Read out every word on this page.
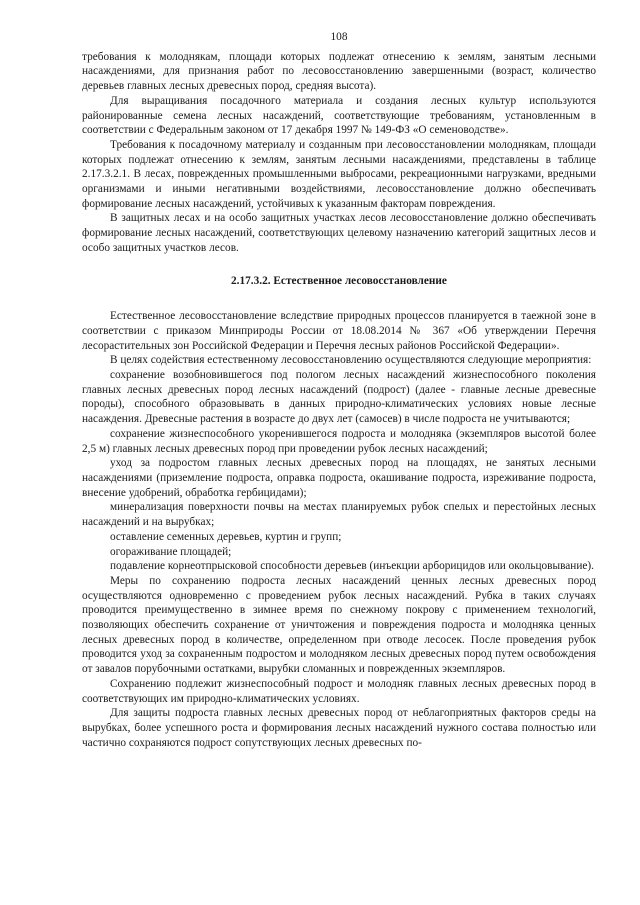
108

требования к молоднякам, площади которых подлежат отнесению к землям, занятым лесными насаждениями, для признания работ по лесовосстановлению завершенными (возраст, количество деревьев главных лесных древесных пород, средняя высота).

Для выращивания посадочного материала и создания лесных культур используются районированные семена лесных насаждений, соответствующие требованиям, установленным в соответствии с Федеральным законом от 17 декабря 1997 № 149-ФЗ «О семеноводстве».

Требования к посадочному материалу и созданным при лесовосстановлении молоднякам, площади которых подлежат отнесению к землям, занятым лесными насаждениями, представлены в таблице 2.17.3.2.1. В лесах, поврежденных промышленными выбросами, рекреационными нагрузками, вредными организмами и иными негативными воздействиями, лесовосстановление должно обеспечивать формирование лесных насаждений, устойчивых к указанным факторам повреждения.

В защитных лесах и на особо защитных участках лесов лесовосстановление должно обеспечивать формирование лесных насаждений, соответствующих целевому назначению категорий защитных лесов и особо защитных участков лесов.

2.17.3.2. Естественное лесовосстановление

Естественное лесовосстановление вследствие природных процессов планируется в таежной зоне в соответствии с приказом Минприроды России от 18.08.2014 № 367 «Об утверждении Перечня лесорастительных зон Российской Федерации и Перечня лесных районов Российской Федерации».

В целях содействия естественному лесовосстановлению осуществляются следующие мероприятия:

сохранение возобновившегося под пологом лесных насаждений жизнеспособного поколения главных лесных древесных пород лесных насаждений (подрост) (далее - главные лесные древесные породы), способного образовывать в данных природно-климатических условиях новые лесные насаждения. Древесные растения в возрасте до двух лет (самосев) в числе подроста не учитываются;

сохранение жизнеспособного укоренившегося подроста и молодняка (экземпляров высотой более 2,5 м) главных лесных древесных пород при проведении рубок лесных насаждений;

уход за подростом главных лесных древесных пород на площадях, не занятых лесными насаждениями (приземление подроста, оправка подроста, окашивание подроста, изреживание подроста, внесение удобрений, обработка гербицидами);

минерализация поверхности почвы на местах планируемых рубок спелых и перестойных лесных насаждений и на вырубках;

оставление семенных деревьев, куртин и групп;

огораживание площадей;

подавление корнеотпрысковой способности деревьев (инъекции арборицидов или окольцовывание).

Меры по сохранению подроста лесных насаждений ценных лесных древесных пород осуществляются одновременно с проведением рубок лесных насаждений. Рубка в таких случаях проводится преимущественно в зимнее время по снежному покрову с применением технологий, позволяющих обеспечить сохранение от уничтожения и повреждения подроста и молодняка ценных лесных древесных пород в количестве, определенном при отводе лесосек. После проведения рубок проводится уход за сохраненным подростом и молодняком лесных древесных пород путем освобождения от завалов порубочными остатками, вырубки сломанных и поврежденных экземпляров.

Сохранению подлежит жизнеспособный подрост и молодняк главных лесных древесных пород в соответствующих им природно-климатических условиях.

Для защиты подроста главных лесных древесных пород от неблагоприятных факторов среды на вырубках, более успешного роста и формирования лесных насаждений нужного состава полностью или частично сохраняются подрост сопутствующих лесных древесных по-
